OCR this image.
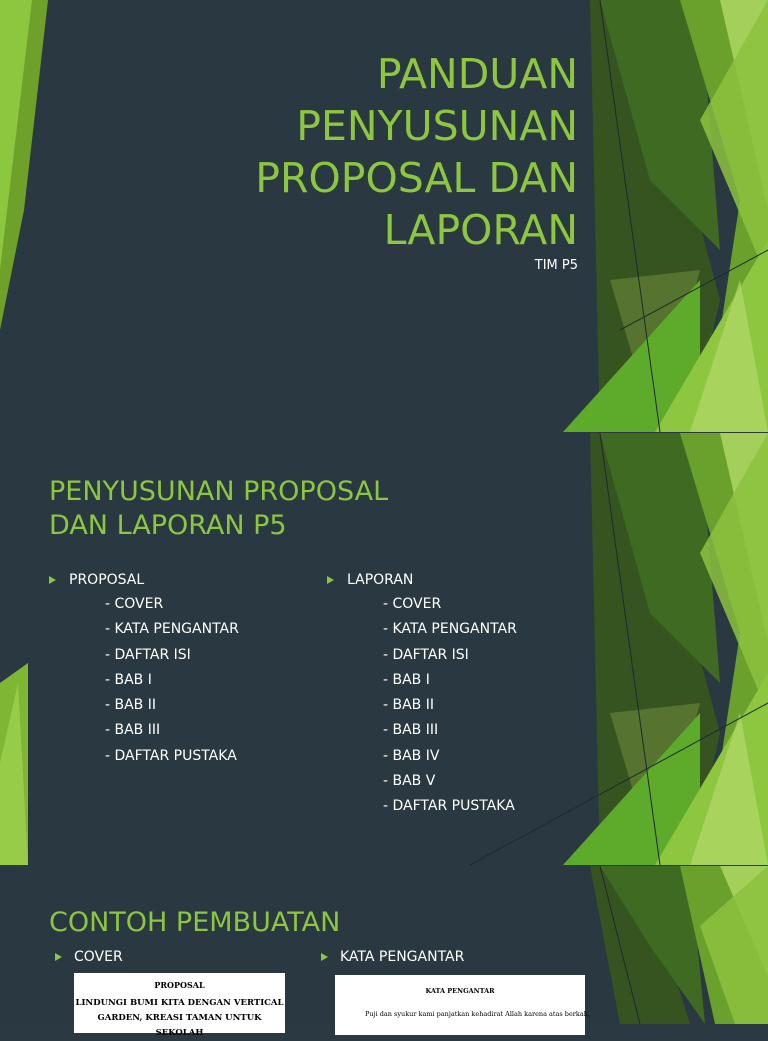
PANDUAN
PENYUSUNAN
PROPOSAL DAN
LAPORAN
TIM P5
PENYUSUNAN PROPOSAL
DAN LAPORAN P5
PROPOSAL
- COVER
- KATA PENGANTAR
- DAFTAR ISI
- BAB I
- BAB II
- BAB III
- DAFTAR PUSTAKA
LAPORAN
- COVER
- KATA PENGANTAR
- DAFTAR ISI
- BAB I
- BAB II
- BAB III
- BAB IV
- BAB V
- DAFTAR PUSTAKA
CONTOH PEMBUATAN
COVER	KATA PENGANTAR
PROPOSAL
LINDUNGI BUMI KITA DENGAN VERTICAL
GARDEN, KREASI TAMAN UNTUK SEKOLAH
KATA PENGANTAR
Puji dan syukur kami panjatkan kehadirat Allah karena atas berkah,
